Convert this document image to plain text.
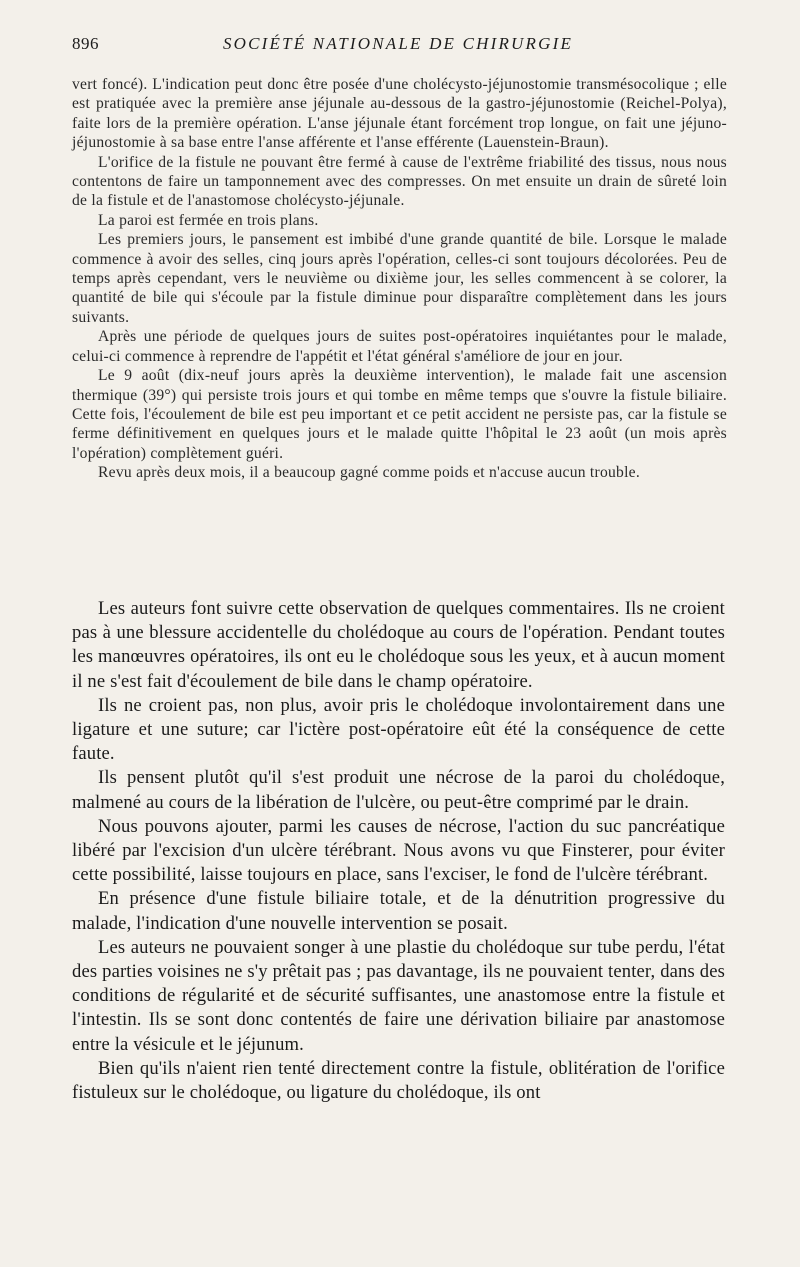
896	SOCIÉTÉ NATIONALE DE CHIRURGIE

vert foncé). L'indication peut donc être posée d'une cholécysto-jéjunostomie transmésocolique ; elle est pratiquée avec la première anse jéjunale au-dessous de la gastro-jéjunostomie (Reichel-Polya), faite lors de la première opération. L'anse jéjunale étant forcément trop longue, on fait une jéjuno-jéjunostomie à sa base entre l'anse afférente et l'anse efférente (Lauenstein-Braun).

L'orifice de la fistule ne pouvant être fermé à cause de l'extrême friabilité des tissus, nous nous contentons de faire un tamponnement avec des compresses. On met ensuite un drain de sûreté loin de la fistule et de l'anastomose cholécysto-jéjunale.

La paroi est fermée en trois plans.

Les premiers jours, le pansement est imbibé d'une grande quantité de bile. Lorsque le malade commence à avoir des selles, cinq jours après l'opération, celles-ci sont toujours décolorées. Peu de temps après cependant, vers le neuvième ou dixième jour, les selles commencent à se colorer, la quantité de bile qui s'écoule par la fistule diminue pour disparaître complètement dans les jours suivants.

Après une période de quelques jours de suites post-opératoires inquiétantes pour le malade, celui-ci commence à reprendre de l'appétit et l'état général s'améliore de jour en jour.

Le 9 août (dix-neuf jours après la deuxième intervention), le malade fait une ascension thermique (39°) qui persiste trois jours et qui tombe en même temps que s'ouvre la fistule biliaire. Cette fois, l'écoulement de bile est peu important et ce petit accident ne persiste pas, car la fistule se ferme définitivement en quelques jours et le malade quitte l'hôpital le 23 août (un mois après l'opération) complètement guéri.

Revu après deux mois, il a beaucoup gagné comme poids et n'accuse aucun trouble.

Les auteurs font suivre cette observation de quelques commentaires. Ils ne croient pas à une blessure accidentelle du cholédoque au cours de l'opération. Pendant toutes les manœuvres opératoires, ils ont eu le cholédoque sous les yeux, et à aucun moment il ne s'est fait d'écoulement de bile dans le champ opératoire.

Ils ne croient pas, non plus, avoir pris le cholédoque involontairement dans une ligature et une suture; car l'ictère post-opératoire eût été la conséquence de cette faute.

Ils pensent plutôt qu'il s'est produit une nécrose de la paroi du cholédoque, malmené au cours de la libération de l'ulcère, ou peut-être comprimé par le drain.

Nous pouvons ajouter, parmi les causes de nécrose, l'action du suc pancréatique libéré par l'excision d'un ulcère térébrant. Nous avons vu que Finsterer, pour éviter cette possibilité, laisse toujours en place, sans l'exciser, le fond de l'ulcère térébrant.

En présence d'une fistule biliaire totale, et de la dénutrition progressive du malade, l'indication d'une nouvelle intervention se posait.

Les auteurs ne pouvaient songer à une plastie du cholédoque sur tube perdu, l'état des parties voisines ne s'y prêtait pas ; pas davantage, ils ne pouvaient tenter, dans des conditions de régularité et de sécurité suffisantes, une anastomose entre la fistule et l'intestin. Ils se sont donc contentés de faire une dérivation biliaire par anastomose entre la vésicule et le jéjunum.

Bien qu'ils n'aient rien tenté directement contre la fistule, oblitération de l'orifice fistuleux sur le cholédoque, ou ligature du cholédoque, ils ont
